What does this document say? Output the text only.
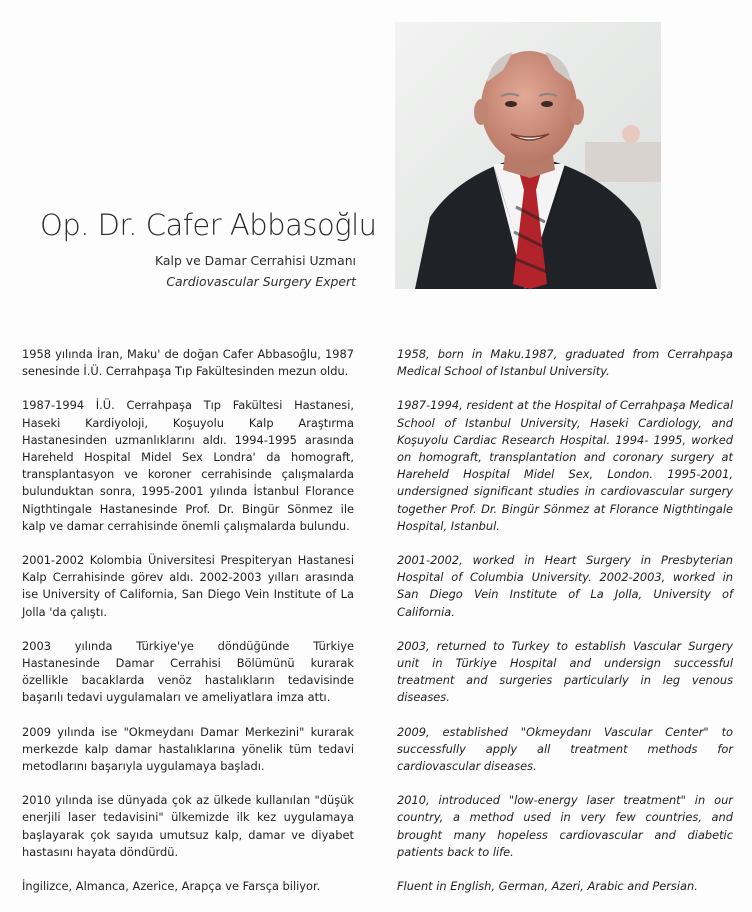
Op. Dr. Cafer Abbasoğlu
Kalp ve Damar Cerrahisi Uzmanı
Cardiovascular Surgery Expert

1958 yılında İran, Maku' de doğan Cafer Abbasoğlu, 1987 senesinde İ.Ü. Cerrahpaşa Tıp Fakültesinden mezun oldu.

1987-1994 İ.Ü. Cerrahpaşa Tıp Fakültesi Hastanesi, Haseki Kardiyoloji, Koşuyolu Kalp Araştırma Hastanesinden uzmanlıklarını aldı. 1994-1995 arasında Hareheld Hospital Midel Sex Londra' da homograft, transplantasyon ve koroner cerrahisinde çalışmalarda bulunduktan sonra, 1995-2001 yılında İstanbul Florance Nigthtingale Hastanesinde Prof. Dr. Bingür Sönmez ile kalp ve damar cerrahisinde önemli çalışmalarda bulundu.

2001-2002 Kolombia Üniversitesi Prespiteryan Hastanesi Kalp Cerrahisinde görev aldı. 2002-2003 yılları arasında ise University of California, San Diego Vein Institute of La Jolla 'da çalıştı.

2003 yılında Türkiye'ye döndüğünde Türkiye Hastanesinde Damar Cerrahisi Bölümünü kurarak özellikle bacaklarda venöz hastalıkların tedavisinde başarılı tedavi uygulamaları ve ameliyatlara imza attı.

2009 yılında ise "Okmeydanı Damar Merkezini" kurarak merkezde kalp damar hastalıklarına yönelik tüm tedavi metodlarını başarıyla uygulamaya başladı.

2010 yılında ise dünyada çok az ülkede kullanılan "düşük enerjili laser tedavisini" ülkemizde ilk kez uygulamaya başlayarak çok sayıda umutsuz kalp, damar ve diyabet hastasını hayata döndürdü.

İngilizce, Almanca, Azerice, Arapça ve Farsça biliyor.

1958, born in Maku.1987, graduated from Cerrahpaşa Medical School of Istanbul University.

1987-1994, resident at the Hospital of Cerrahpaşa Medical School of Istanbul University, Haseki Cardiology, and Koşuyolu Cardiac Research Hospital. 1994- 1995, worked on homograft, transplantation and coronary surgery at Hareheld Hospital Midel Sex, London. 1995-2001, undersigned significant studies in cardiovascular surgery together Prof. Dr. Bingür Sönmez at Florance Nigthtingale Hospital, Istanbul.

2001-2002, worked in Heart Surgery in Presbyterian Hospital of Columbia University. 2002-2003, worked in San Diego Vein Institute of La Jolla, University of California.

2003, returned to Turkey to establish Vascular Surgery unit in Türkiye Hospital and undersign successful treatment and surgeries particularly in leg venous diseases.

2009, established "Okmeydanı Vascular Center" to successfully apply all treatment methods for cardiovascular diseases.

2010, introduced "low-energy laser treatment" in our country, a method used in very few countries, and brought many hopeless cardiovascular and diabetic patients back to life.

Fluent in English, German, Azeri, Arabic and Persian.
